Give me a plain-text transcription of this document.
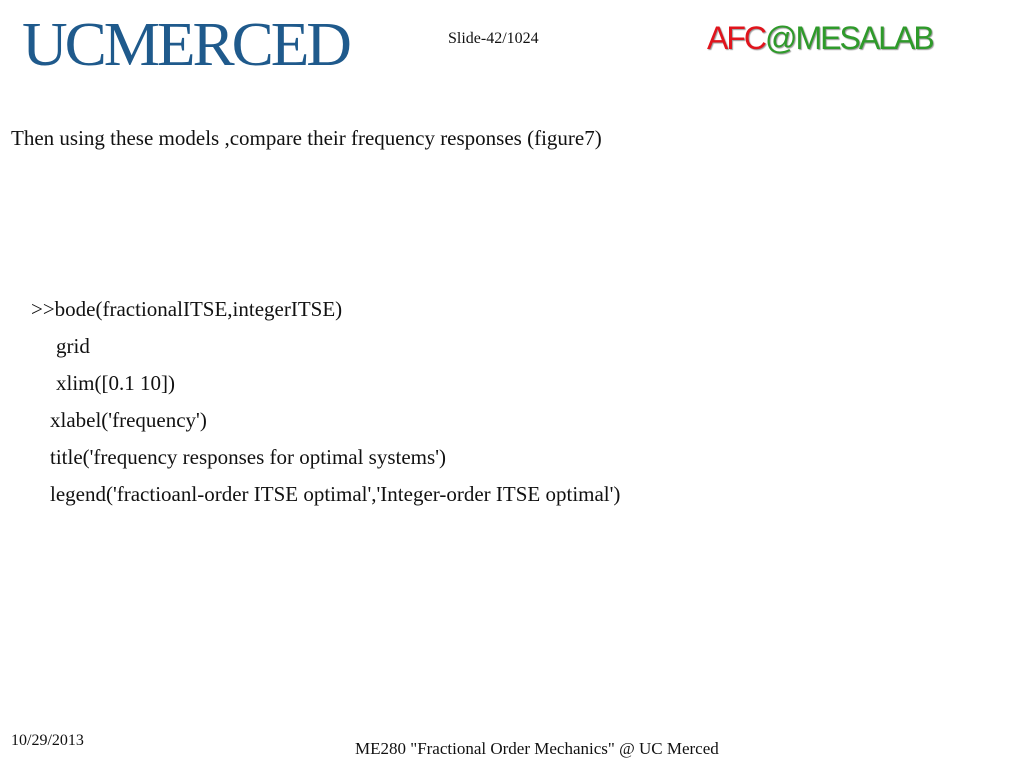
UCMERCED	Slide-42/1024	AFC@MESALAB
Then using these models ,compare their frequency responses (figure7)
>>bode(fractionalITSE,integerITSE)
grid
xlim([0.1 10])
xlabel('frequency')
title('frequency responses for optimal systems')
legend('fractioanl-order ITSE optimal','Integer-order ITSE optimal')
10/29/2013	ME280 "Fractional Order Mechanics" @ UC Merced
